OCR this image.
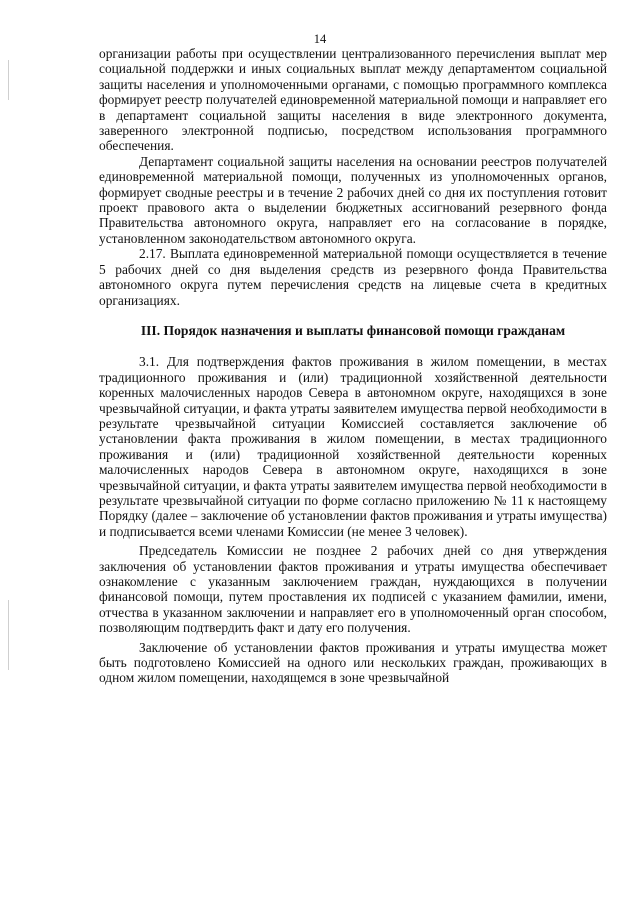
14

организации работы при осуществлении централизованного перечисления выплат мер социальной поддержки и иных социальных выплат между департаментом социальной защиты населения и уполномоченными органами, с помощью программного комплекса формирует реестр получателей единовременной материальной помощи и направляет его в департамент социальной защиты населения в виде электронного документа, заверенного электронной подписью, посредством использования программного обеспечения.

Департамент социальной защиты населения на основании реестров получателей единовременной материальной помощи, полученных из уполномоченных органов, формирует сводные реестры и в течение 2 рабочих дней со дня их поступления готовит проект правового акта о выделении бюджетных ассигнований резервного фонда Правительства автономного округа, направляет его на согласование в порядке, установленном законодательством автономного округа.

2.17. Выплата единовременной материальной помощи осуществляется в течение 5 рабочих дней со дня выделения средств из резервного фонда Правительства автономного округа путем перечисления средств на лицевые счета в кредитных организациях.

III. Порядок назначения и выплаты финансовой помощи гражданам

3.1. Для подтверждения фактов проживания в жилом помещении, в местах традиционного проживания и (или) традиционной хозяйственной деятельности коренных малочисленных народов Севера в автономном округе, находящихся в зоне чрезвычайной ситуации, и факта утраты заявителем имущества первой необходимости в результате чрезвычайной ситуации Комиссией составляется заключение об установлении факта проживания в жилом помещении, в местах традиционного проживания и (или) традиционной хозяйственной деятельности коренных малочисленных народов Севера в автономном округе, находящихся в зоне чрезвычайной ситуации, и факта утраты заявителем имущества первой необходимости в результате чрезвычайной ситуации по форме согласно приложению № 11 к настоящему Порядку (далее – заключение об установлении фактов проживания и утраты имущества) и подписывается всеми членами Комиссии (не менее 3 человек).

Председатель Комиссии не позднее 2 рабочих дней со дня утверждения заключения об установлении фактов проживания и утраты имущества обеспечивает ознакомление с указанным заключением граждан, нуждающихся в получении финансовой помощи, путем проставления их подписей с указанием фамилии, имени, отчества в указанном заключении и направляет его в уполномоченный орган способом, позволяющим подтвердить факт и дату его получения.

Заключение об установлении фактов проживания и утраты имущества может быть подготовлено Комиссией на одного или нескольких граждан, проживающих в одном жилом помещении, находящемся в зоне чрезвычайной
